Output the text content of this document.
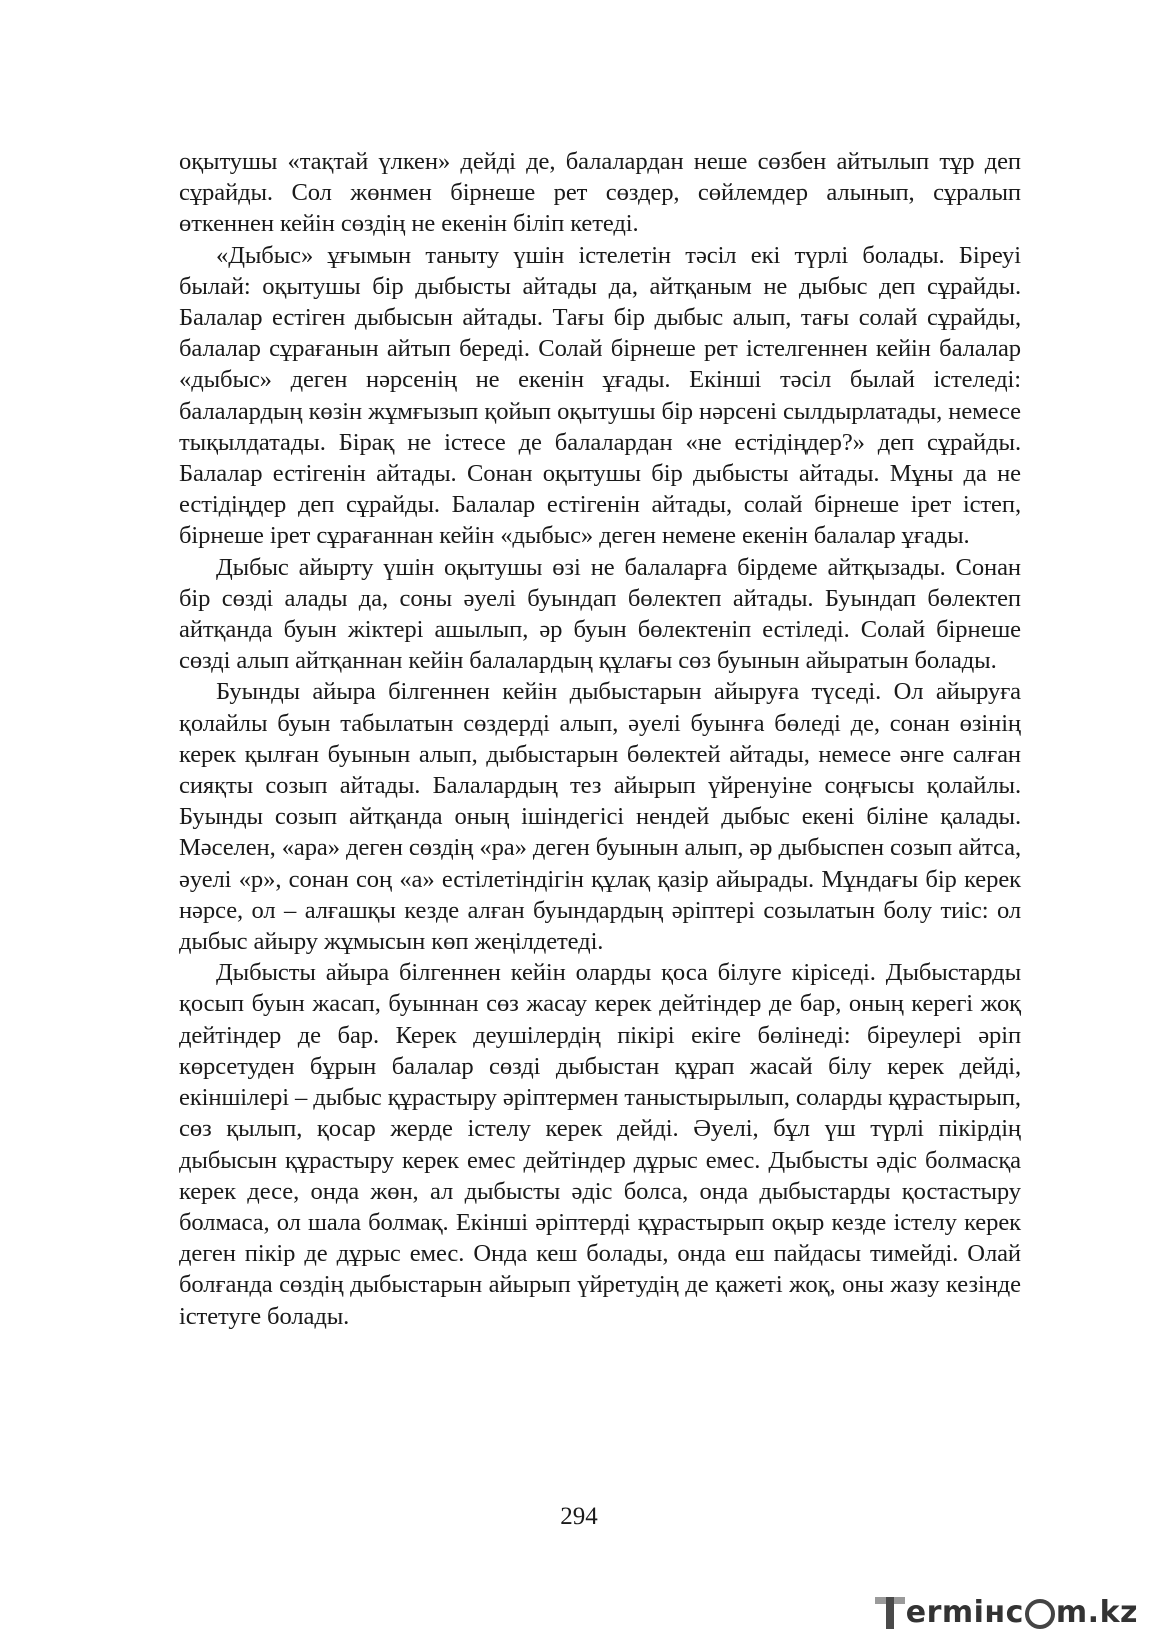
оқытушы «тақтай үлкен» дейді де, балалардан неше сөзбен айтылып тұр деп сұрайды. Сол жөнмен бірнеше рет сөздер, сөйлемдер алынып, сұралып өткеннен кейін сөздің не екенін біліп кетеді.

«Дыбыс» ұғымын таныту үшін істелетін тәсіл екі түрлі болады. Біреуі былай: оқытушы бір дыбысты айтады да, айтқаным не дыбыс деп сұрайды. Балалар естіген дыбысын айтады. Тағы бір дыбыс алып, тағы солай сұрайды, балалар сұрағанын айтып береді. Солай бірнеше рет істелгеннен кейін балалар «дыбыс» деген нәрсенің не екенін ұғады. Екінші тәсіл былай істеледі: балалардың көзін жұмғызып қойып оқытушы бір нәрсені сылдырлатады, немесе тықылдатады. Бірақ не істесе де балалардан «не естідіңдер?» деп сұрайды. Балалар естігенін айтады. Сонан оқытушы бір дыбысты айтады. Мұны да не естідіңдер деп сұрайды. Балалар естігенін айтады, солай бірнеше ірет істеп, бірнеше ірет сұрағаннан кейін «дыбыс» деген немене екенін балалар ұғады.

Дыбыс айырту үшін оқытушы өзі не балаларға бірдеме айтқызады. Сонан бір сөзді алады да, соны әуелі буындап бөлектеп айтады. Буындап бөлектеп айтқанда буын жіктері ашылып, әр буын бөлектеніп естіледі. Солай бірнеше сөзді алып айтқаннан кейін балалардың құлағы сөз буынын айыратын болады.

Буынды айыра білгеннен кейін дыбыстарын айыруға түседі. Ол айыруға қолайлы буын табылатын сөздерді алып, әуелі буынға бөледі де, сонан өзінің керек қылған буынын алып, дыбыстарын бөлектей айтады, немесе әнге салған сияқты созып айтады. Балалардың тез айырып үйренуіне соңғысы қолайлы. Буынды созып айтқанда оның ішіндегісі нендей дыбыс екені біліне қалады. Мәселен, «ара» деген сөздің «ра» деген буынын алып, әр дыбыспен созып айтса, әуелі «р», сонан соң «а» естілетіндігін құлақ қазір айырады. Мұндағы бір керек нәрсе, ол – алғашқы кезде алған буындардың әріптері созылатын болу тиіс: ол дыбыс айыру жұмысын көп жеңілдетеді.

Дыбысты айыра білгеннен кейін оларды қоса білуге кіріседі. Дыбыстарды қосып буын жасап, буыннан сөз жасау керек дейтіндер де бар, оның керегі жоқ дейтіндер де бар. Керек деушілердің пікірі екіге бөлінеді: біреулері әріп көрсетуден бұрын балалар сөзді дыбыстан құрап жасай білу керек дейді, екіншілері – дыбыс құрастыру әріптермен таныстырылып, соларды құрастырып, сөз қылып, қосар жерде істелу керек дейді. Әуелі, бұл үш түрлі пікірдің дыбысын құрастыру керек емес дейтіндер дұрыс емес. Дыбысты әдіс болмасқа керек десе, онда жөн, ал дыбысты әдіс болса, онда дыбыстарды қостастыру болмаса, ол шала болмақ. Екінші әріптерді құрастырып оқыр кезде істелу керек деген пікір де дұрыс емес. Онда кеш болады, онда еш пайдасы тимейді. Олай болғанда сөздің дыбыстарын айырып үйретудің де қажеті жоқ, оны жазу кезінде істетуге болады.

294
ermінc m.kz
